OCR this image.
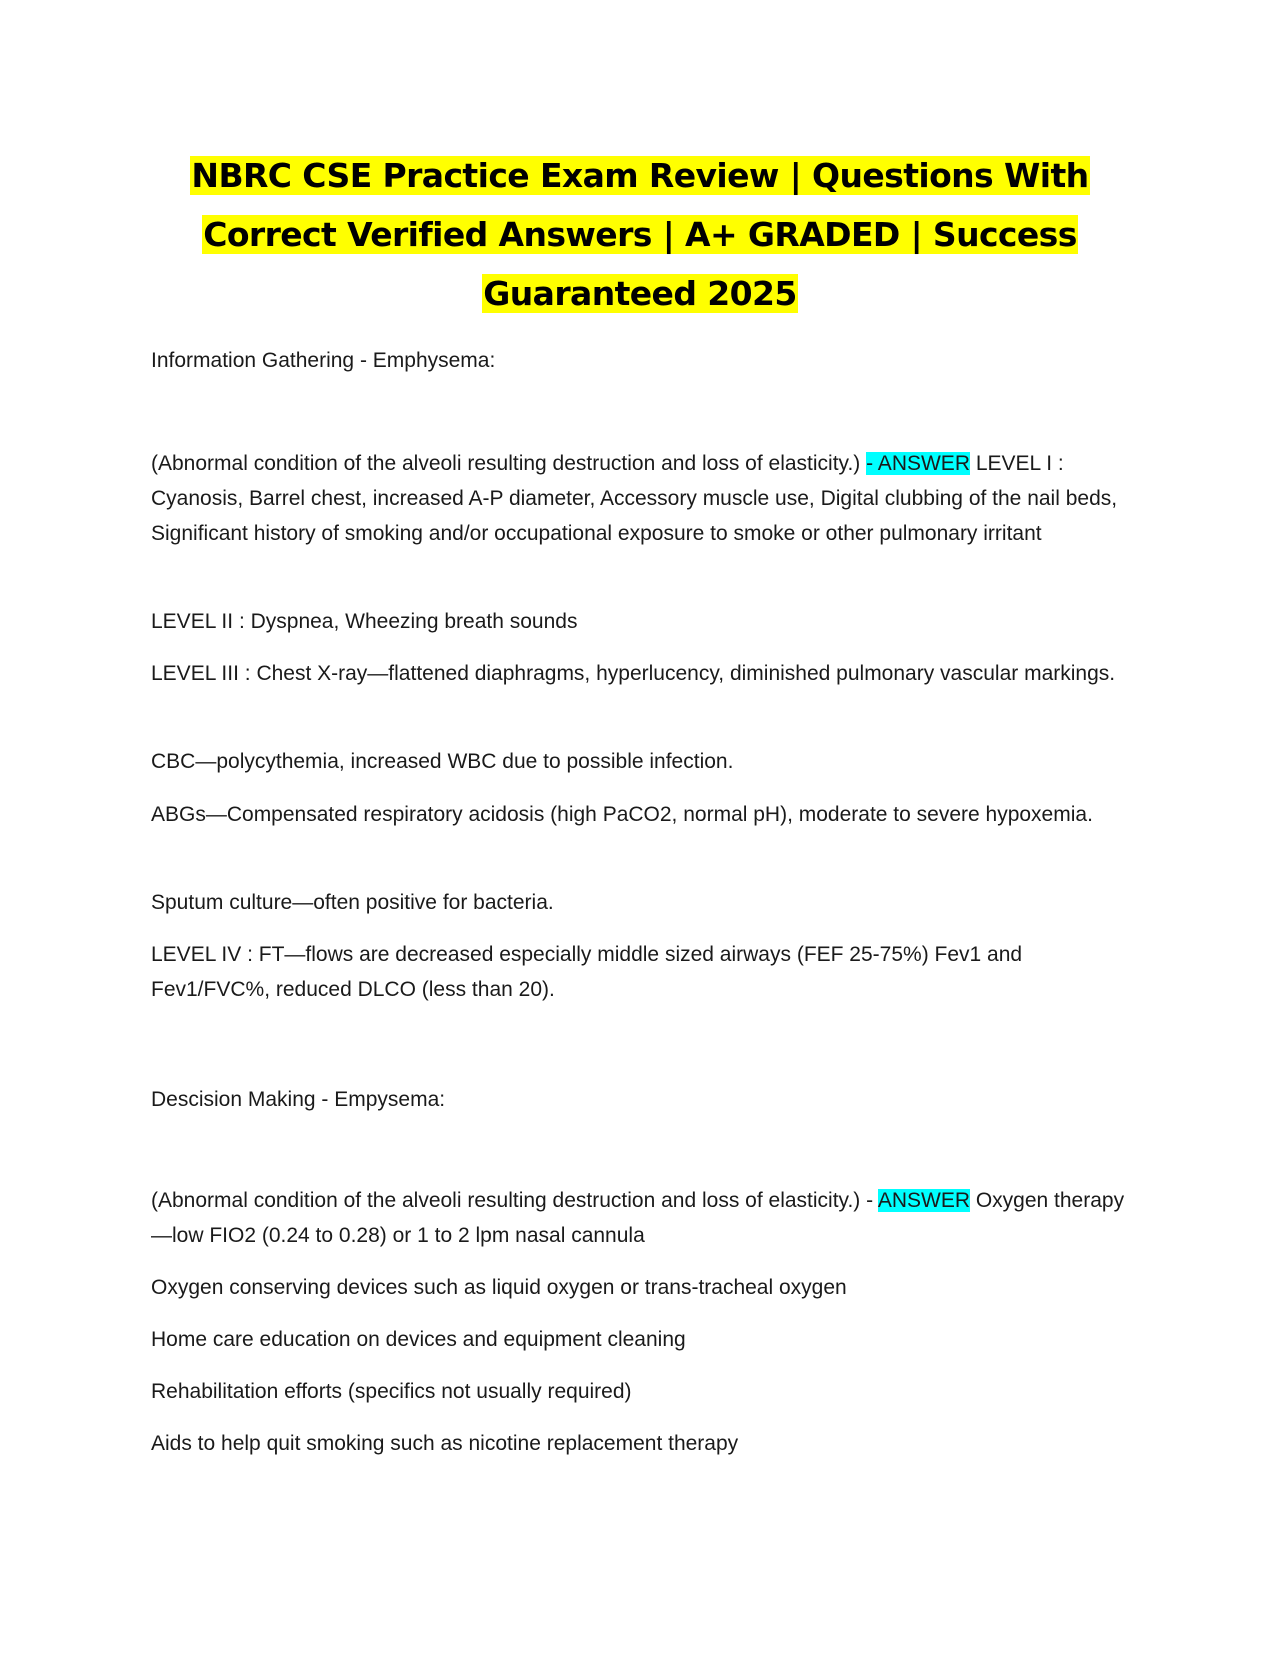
NBRC CSE Practice Exam Review | Questions With
Correct Verified Answers | A+ GRADED | Success
Guaranteed 2025

Information Gathering - Emphysema:

(Abnormal condition of the alveoli resulting destruction and loss of elasticity.) - ANSWER LEVEL I : Cyanosis, Barrel chest, increased A-P diameter, Accessory muscle use, Digital clubbing of the nail beds, Significant history of smoking and/or occupational exposure to smoke or other pulmonary irritant

LEVEL II : Dyspnea, Wheezing breath sounds

LEVEL III : Chest X-ray—flattened diaphragms, hyperlucency, diminished pulmonary vascular markings.

CBC—polycythemia, increased WBC due to possible infection.

ABGs—Compensated respiratory acidosis (high PaCO2, normal pH), moderate to severe hypoxemia.

Sputum culture—often positive for bacteria.

LEVEL IV : FT—flows are decreased especially middle sized airways (FEF 25-75%) Fev1 and Fev1/FVC%, reduced DLCO (less than 20).

Descision Making - Empysema:

(Abnormal condition of the alveoli resulting destruction and loss of elasticity.) - ANSWER Oxygen therapy—low FIO2 (0.24 to 0.28) or 1 to 2 lpm nasal cannula

Oxygen conserving devices such as liquid oxygen or trans-tracheal oxygen

Home care education on devices and equipment cleaning

Rehabilitation efforts (specifics not usually required)

Aids to help quit smoking such as nicotine replacement therapy
